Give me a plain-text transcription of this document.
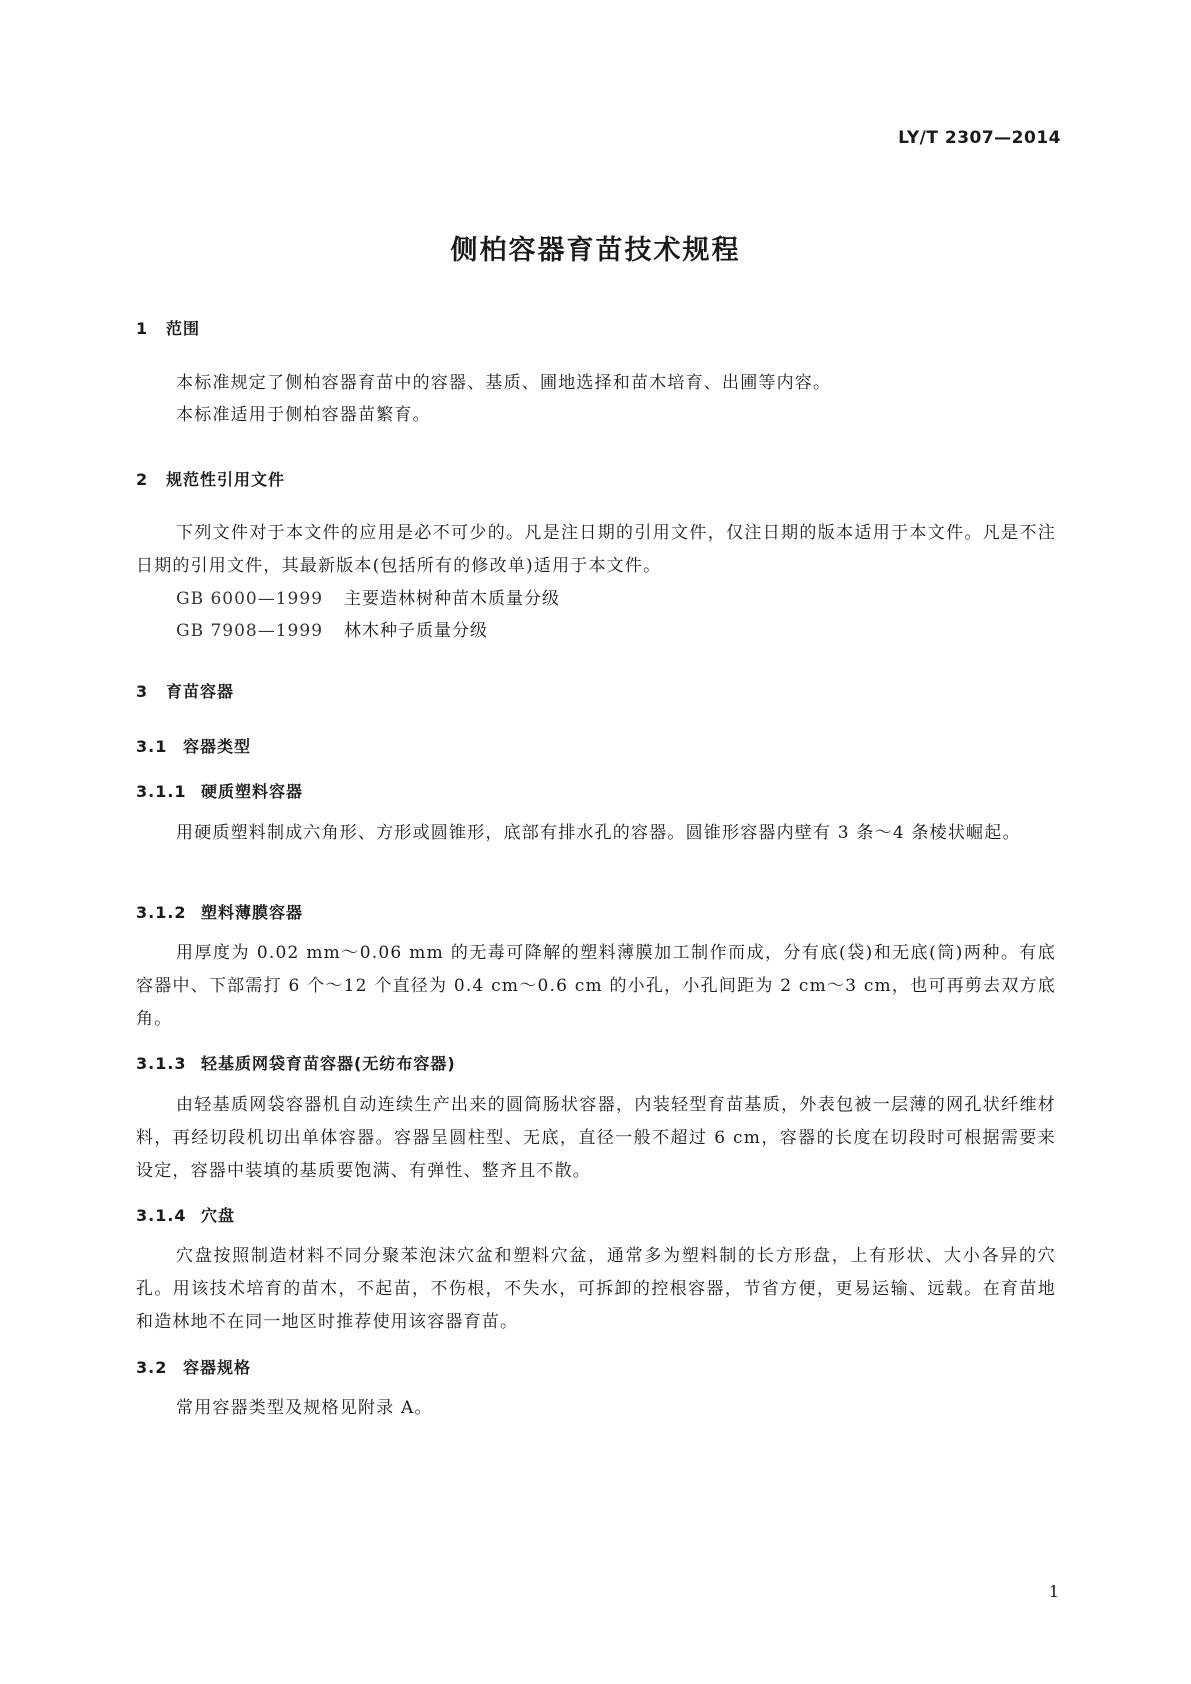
LY/T 2307—2014
侧柏容器育苗技术规程
1 范围
本标准规定了侧柏容器育苗中的容器、基质、圃地选择和苗木培育、出圃等内容。
本标准适用于侧柏容器苗繁育。
2 规范性引用文件
下列文件对于本文件的应用是必不可少的。凡是注日期的引用文件，仅注日期的版本适用于本文件。凡是不注日期的引用文件，其最新版本(包括所有的修改单)适用于本文件。
GB 6000—1999 主要造林树种苗木质量分级
GB 7908—1999 林木种子质量分级
3 育苗容器
3.1 容器类型
3.1.1 硬质塑料容器
用硬质塑料制成六角形、方形或圆锥形，底部有排水孔的容器。圆锥形容器内壁有 3 条～4 条棱状崛起。
3.1.2 塑料薄膜容器
用厚度为 0.02 mm～0.06 mm 的无毒可降解的塑料薄膜加工制作而成，分有底(袋)和无底(筒)两种。有底容器中、下部需打 6 个～12 个直径为 0.4 cm～0.6 cm 的小孔，小孔间距为 2 cm～3 cm，也可再剪去双方底角。
3.1.3 轻基质网袋育苗容器(无纺布容器)
由轻基质网袋容器机自动连续生产出来的圆筒肠状容器，内装轻型育苗基质，外表包被一层薄的网孔状纤维材料，再经切段机切出单体容器。容器呈圆柱型、无底，直径一般不超过 6 cm，容器的长度在切段时可根据需要来设定，容器中装填的基质要饱满、有弹性、整齐且不散。
3.1.4 穴盘
穴盘按照制造材料不同分聚苯泡沫穴盆和塑料穴盆，通常多为塑料制的长方形盘，上有形状、大小各异的穴孔。用该技术培育的苗木，不起苗，不伤根，不失水，可拆卸的控根容器，节省方便，更易运输、远载。在育苗地和造林地不在同一地区时推荐使用该容器育苗。
3.2 容器规格
常用容器类型及规格见附录 A。
1
